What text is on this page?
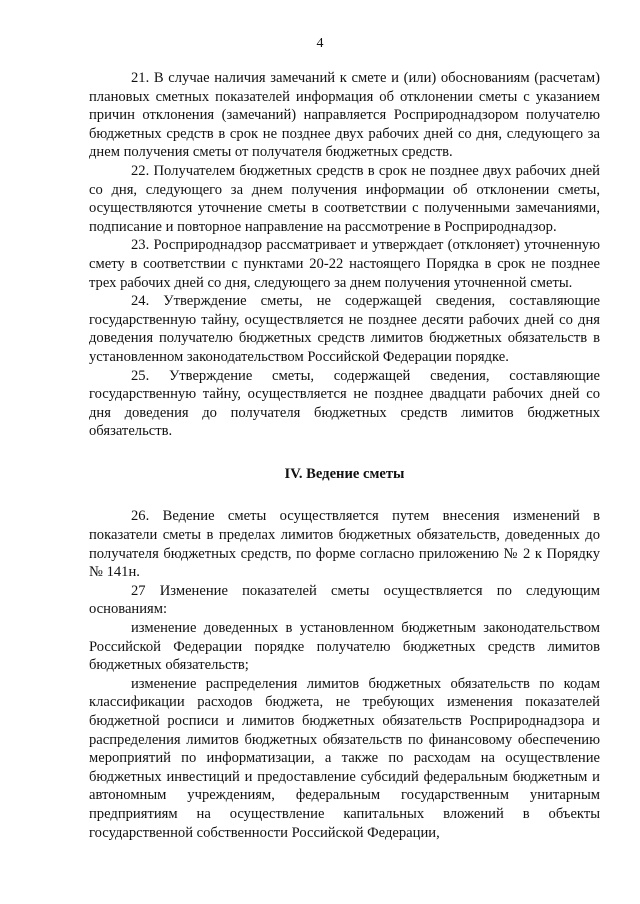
4

21. В случае наличия замечаний к смете и (или) обоснованиям (расчетам) плановых сметных показателей информация об отклонении сметы с указанием причин отклонения (замечаний) направляется Росприроднадзором получателю бюджетных средств в срок не позднее двух рабочих дней со дня, следующего за днем получения сметы от получателя бюджетных средств.

22. Получателем бюджетных средств в срок не позднее двух рабочих дней со дня, следующего за днем получения информации об отклонении сметы, осуществляются уточнение сметы в соответствии с полученными замечаниями, подписание и повторное направление на рассмотрение в Росприроднадзор.

23. Росприроднадзор рассматривает и утверждает (отклоняет) уточненную смету в соответствии с пунктами 20-22 настоящего Порядка в срок не позднее трех рабочих дней со дня, следующего за днем получения уточненной сметы.

24. Утверждение сметы, не содержащей сведения, составляющие государственную тайну, осуществляется не позднее десяти рабочих дней со дня доведения получателю бюджетных средств лимитов бюджетных обязательств в установленном законодательством Российской Федерации порядке.

25. Утверждение сметы, содержащей сведения, составляющие государственную тайну, осуществляется не позднее двадцати рабочих дней со дня доведения до получателя бюджетных средств лимитов бюджетных обязательств.

IV. Ведение сметы

26. Ведение сметы осуществляется путем внесения изменений в показатели сметы в пределах лимитов бюджетных обязательств, доведенных до получателя бюджетных средств, по форме согласно приложению № 2 к Порядку № 141н.

27 Изменение показателей сметы осуществляется по следующим основаниям:

изменение доведенных в установленном бюджетным законодательством Российской Федерации порядке получателю бюджетных средств лимитов бюджетных обязательств;

изменение распределения лимитов бюджетных обязательств по кодам классификации расходов бюджета, не требующих изменения показателей бюджетной росписи и лимитов бюджетных обязательств Росприроднадзора и распределения лимитов бюджетных обязательств по финансовому обеспечению мероприятий по информатизации, а также по расходам на осуществление бюджетных инвестиций и предоставление субсидий федеральным бюджетным и автономным учреждениям, федеральным государственным унитарным предприятиям на осуществление капитальных вложений в объекты государственной собственности Российской Федерации,
